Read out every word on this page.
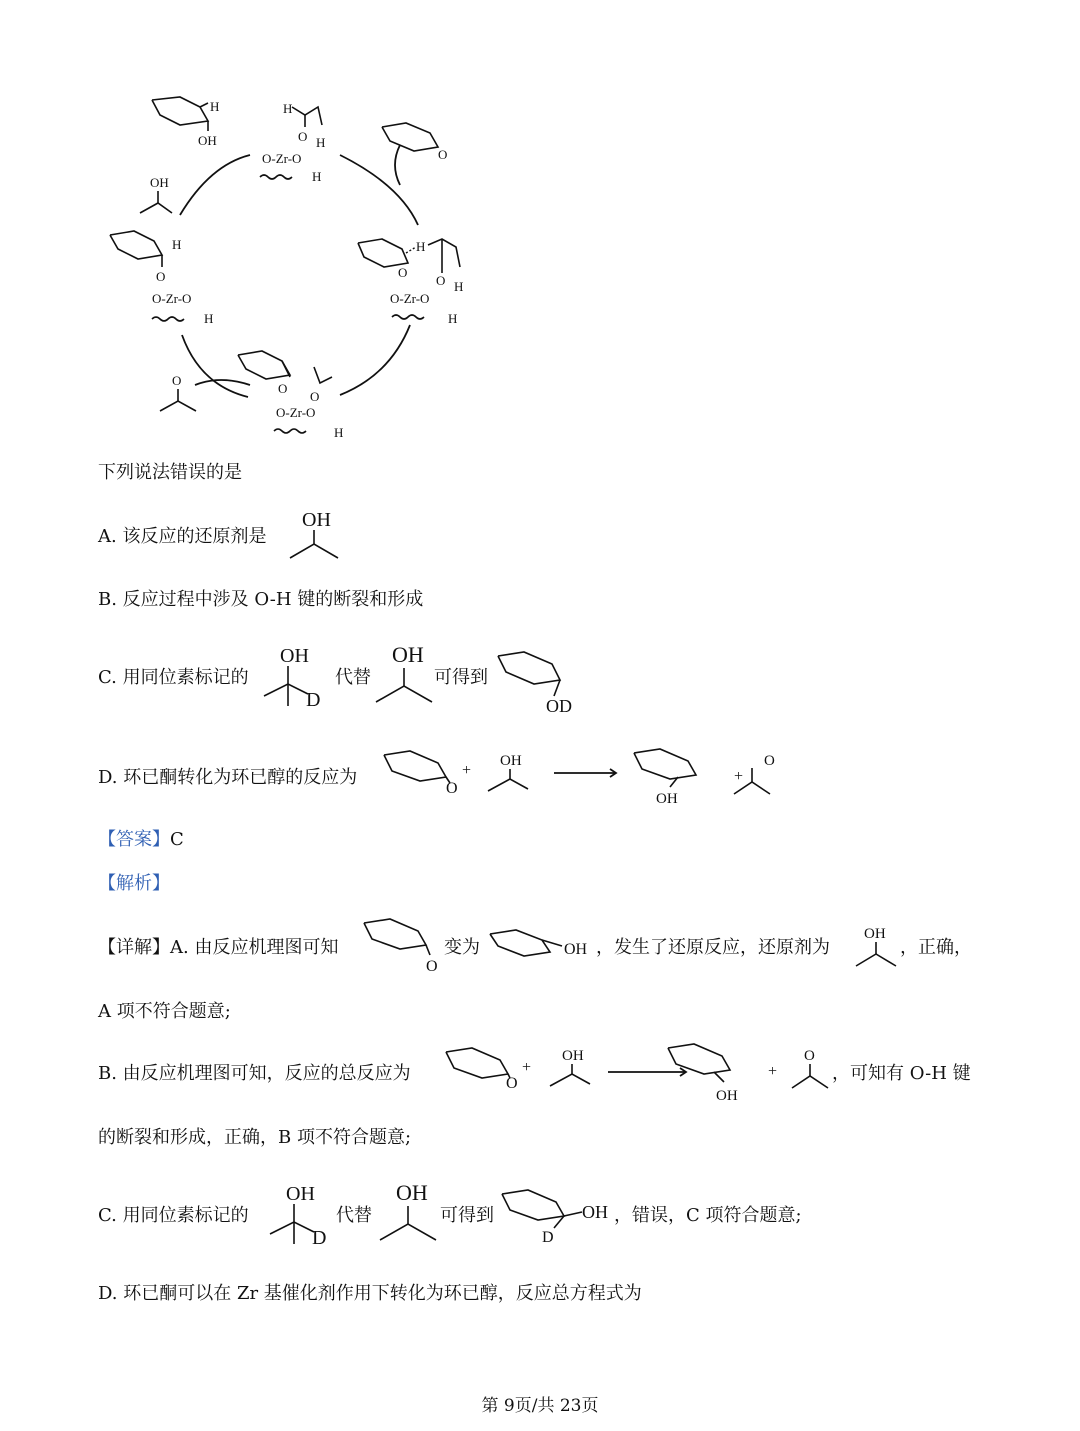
H
OH
OH
H
O H
O-Zr-O
H
O
O
H
O
O-Zr-O
H
H
O
O
O-Zr-O
H
H
O
O-Zr-O
H
O
下列说法错误的是
A. 该反应的还原剂是
OH
B. 反应过程中涉及 O-H 键的断裂和形成
C. 用同位素标记的
OH
D
代替
OH
可得到
OD
D. 环已酮转化为环已醇的反应为
O
+
OH
OH
+
O
【答案】C
【解析】
【详解】A. 由反应机理图可知
O
变为	OH ，发生了还原反应，还原剂为
OH
，正确，
A 项不符合题意;
B. 由反应机理图可知，反应的总反应为	O
+
OH
OH
+
O
，可知有 O-H 键
的断裂和形成，正确，B 项不符合题意;
C. 用同位素标记的
OH
D
代替
OH
可得到	OH
D
，错误，C 项符合题意;
D. 环已酮可以在 Zr 基催化剂作用下转化为环已醇，反应总方程式为
第 9页/共 23页
